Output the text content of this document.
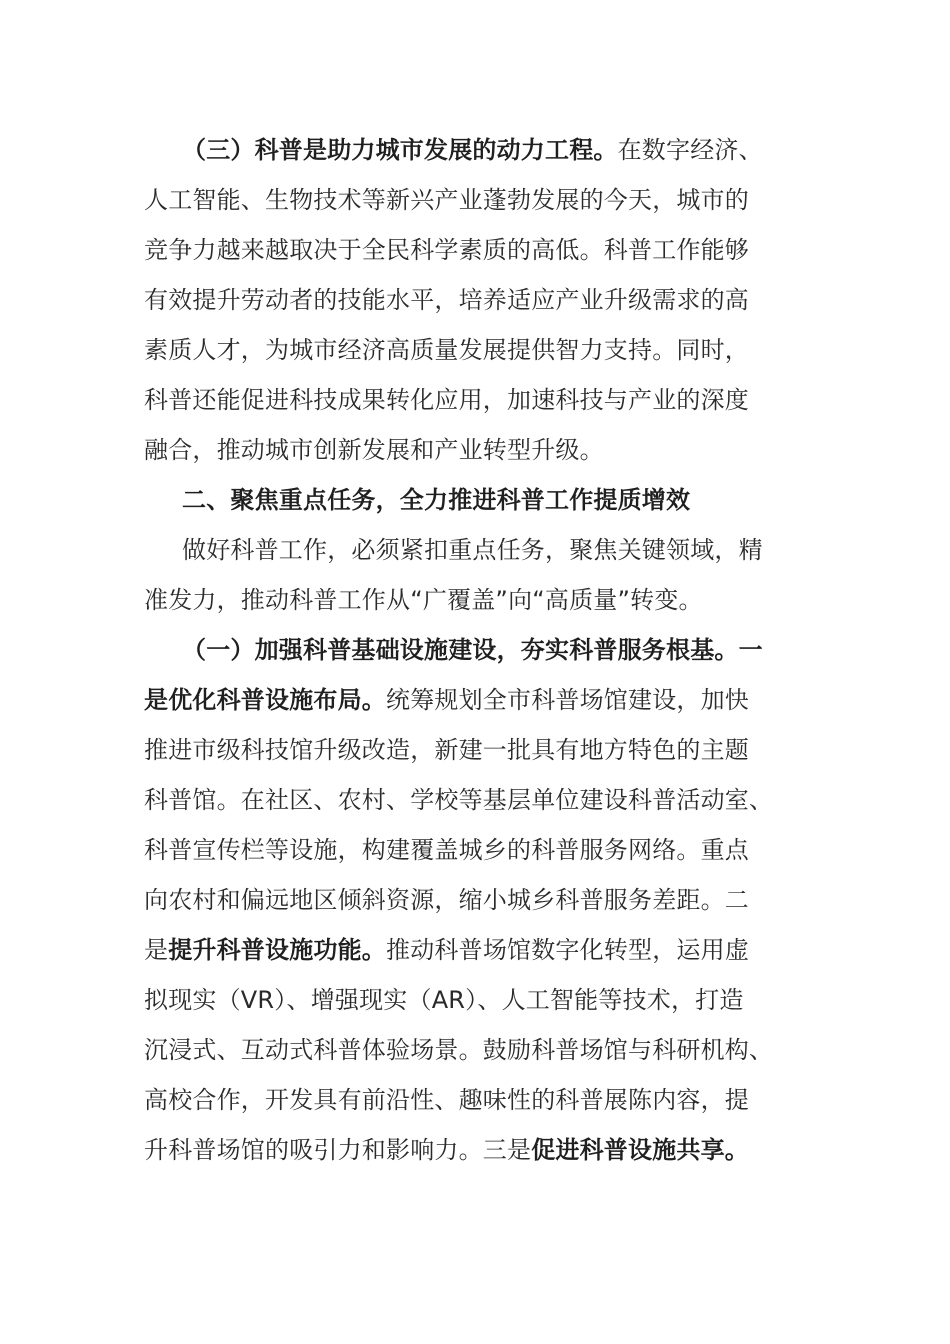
（三）科普是助力城市发展的动力工程。在数字经济、
人工智能、生物技术等新兴产业蓬勃发展的今天，城市的
竞争力越来越取决于全民科学素质的高低。科普工作能够
有效提升劳动者的技能水平，培养适应产业升级需求的高
素质人才，为城市经济高质量发展提供智力支持。同时，
科普还能促进科技成果转化应用，加速科技与产业的深度
融合，推动城市创新发展和产业转型升级。
二、聚焦重点任务，全力推进科普工作提质增效
做好科普工作，必须紧扣重点任务，聚焦关键领域，精
准发力，推动科普工作从“广覆盖”向“高质量”转变。
（一）加强科普基础设施建设，夯实科普服务根基。一
是优化科普设施布局。统筹规划全市科普场馆建设，加快
推进市级科技馆升级改造，新建一批具有地方特色的主题
科普馆。在社区、农村、学校等基层单位建设科普活动室、
科普宣传栏等设施，构建覆盖城乡的科普服务网络。重点
向农村和偏远地区倾斜资源，缩小城乡科普服务差距。二
是提升科普设施功能。推动科普场馆数字化转型，运用虚
拟现实（VR）、增强现实（AR）、人工智能等技术，打造
沉浸式、互动式科普体验场景。鼓励科普场馆与科研机构、
高校合作，开发具有前沿性、趣味性的科普展陈内容，提
升科普场馆的吸引力和影响力。三是促进科普设施共享。
